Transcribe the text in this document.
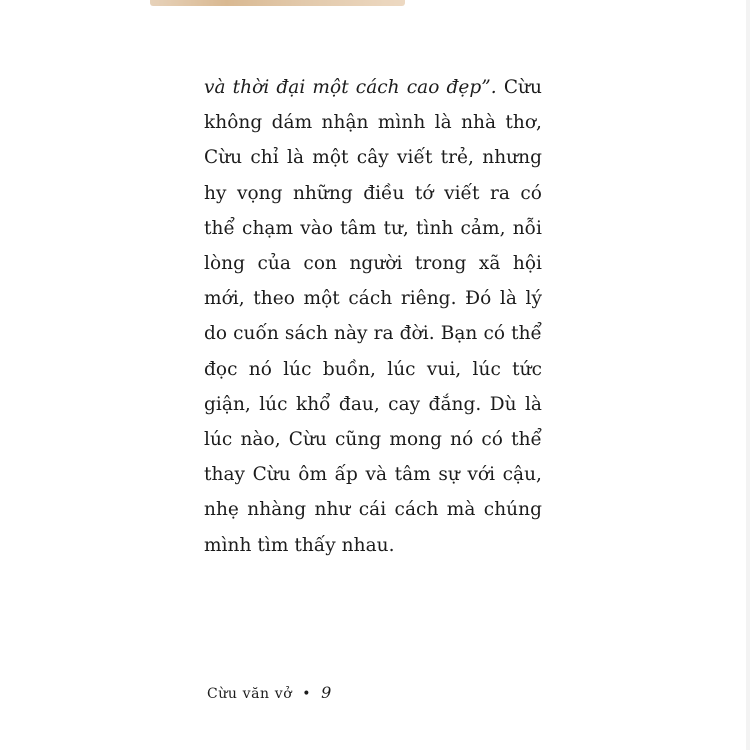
và thời đại một cách cao đẹp”. Cừu không dám nhận mình là nhà thơ, Cừu chỉ là một cây viết trẻ, nhưng hy vọng những điều tớ viết ra có thể chạm vào tâm tư, tình cảm, nỗi lòng của con người trong xã hội mới, theo một cách riêng. Đó là lý do cuốn sách này ra đời. Bạn có thể đọc nó lúc buồn, lúc vui, lúc tức giận, lúc khổ đau, cay đắng. Dù là lúc nào, Cừu cũng mong nó có thể thay Cừu ôm ấp và tâm sự với cậu, nhẹ nhàng như cái cách mà chúng mình tìm thấy nhau.

Cừu văn vở • 9
